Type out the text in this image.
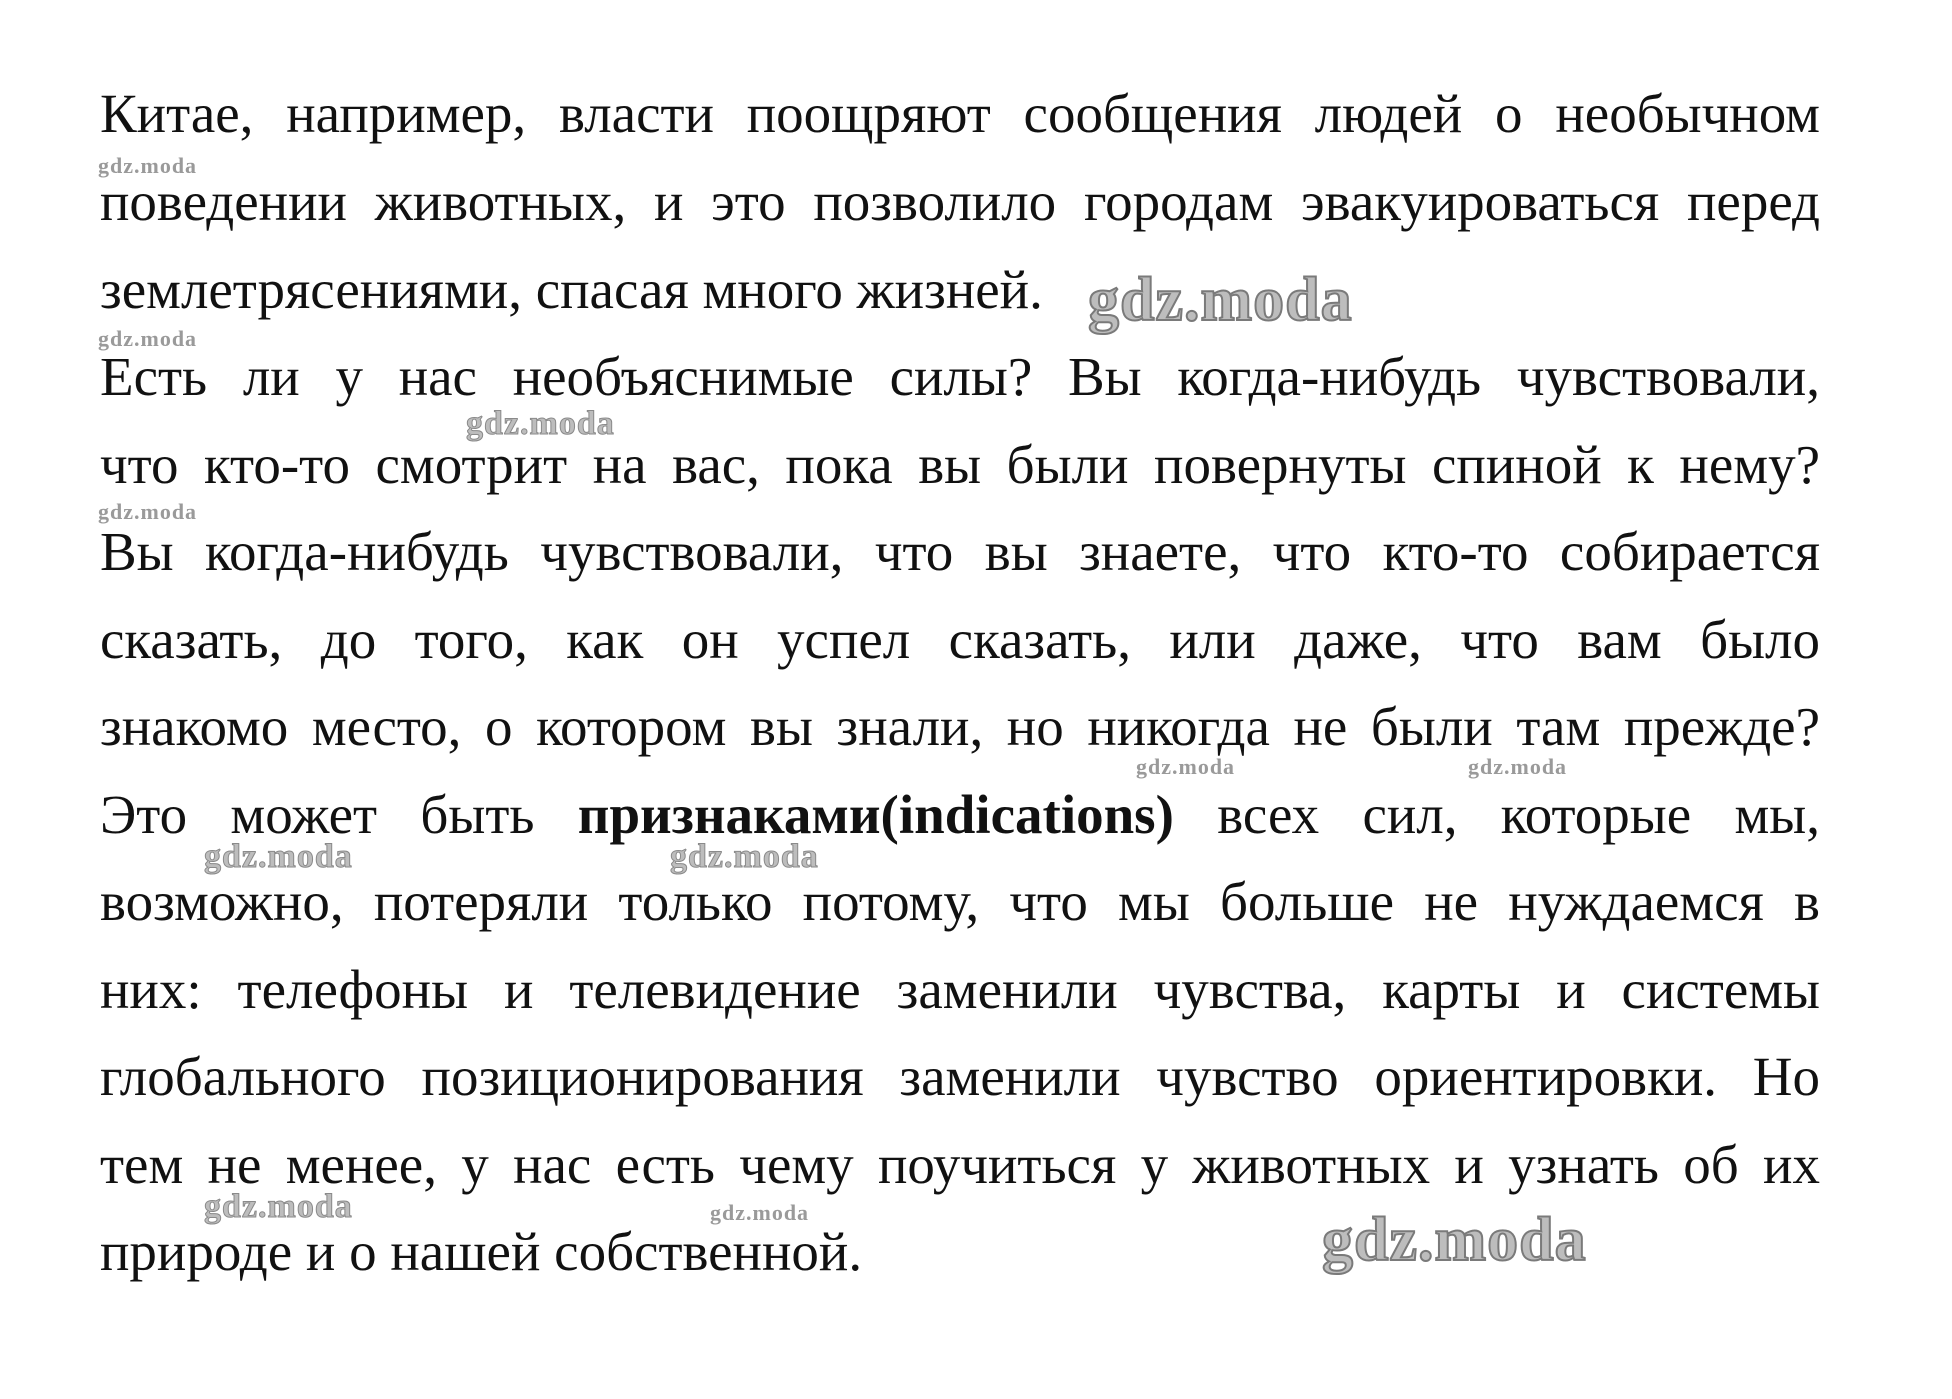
Китае, например, власти поощряют сообщения людей о необычном
поведении животных, и это позволило городам эвакуироваться перед
землетрясениями, спасая много жизней.
Есть ли у нас необъяснимые силы? Вы когда-нибудь чувствовали,
что кто-то смотрит на вас, пока вы были повернуты спиной к нему?
Вы когда-нибудь чувствовали, что вы знаете, что кто-то собирается
сказать, до того, как он успел сказать, или даже, что вам было
знакомо место, о котором вы знали, но никогда не были там прежде?
Это может быть признаками(indications) всех сил, которые мы,
возможно, потеряли только потому, что мы больше не нуждаемся в
них: телефоны и телевидение заменили чувства, карты и системы
глобального позиционирования заменили чувство ориентировки. Но
тем не менее, у нас есть чему поучиться у животных и узнать об их
природе и о нашей собственной.
gdz.moda
gdz.moda
gdz.moda
gdz.moda
gdz.moda
gdz.moda	gdz.moda
gdz.moda	gdz.moda
gdz.moda	gdz.moda	gdz.moda
